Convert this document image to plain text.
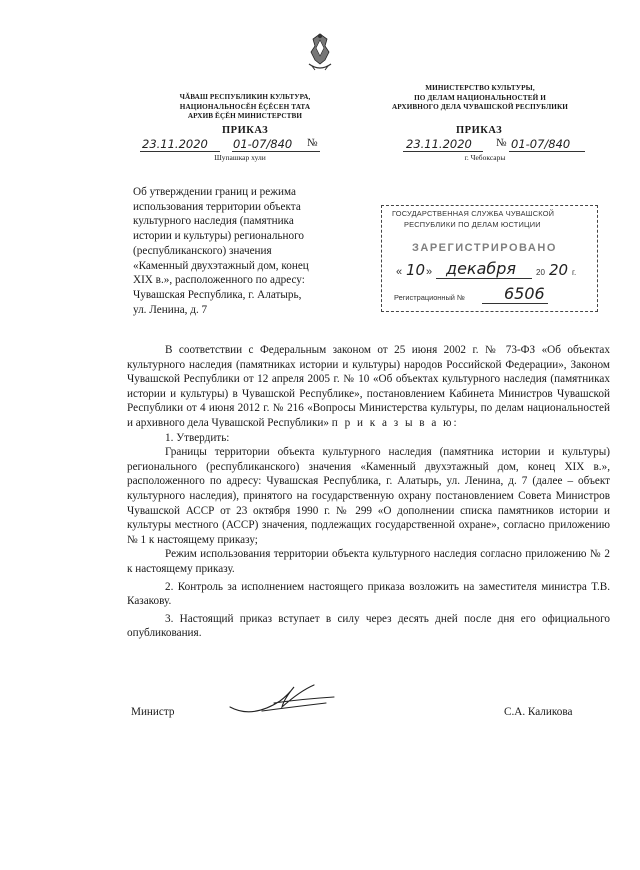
ЧĂВАШ РЕСПУБЛИКИН КУЛЬТУРА,
НАЦИОНАЛЬНОСĔН ĔÇĔСЕН ТАТА
АРХИВ ĔÇĔН МИНИСТЕРСТВИ
ПРИКАЗ
23.11.2020 01-07/840 №
Шупашкар хули
МИНИСТЕРСТВО КУЛЬТУРЫ,
ПО ДЕЛАМ НАЦИОНАЛЬНОСТЕЙ И
АРХИВНОГО ДЕЛА ЧУВАШСКОЙ РЕСПУБЛИКИ
ПРИКАЗ
23.11.2020 № 01-07/840
г. Чебоксары
Об утверждении границ и режима
использования территории объекта
культурного наследия (памятника
истории и культуры) регионального
(республиканского) значения
«Каменный двухэтажный дом, конец
XIX в.», расположенного по адресу:
Чувашская Республика, г. Алатырь,
ул. Ленина, д. 7
ГОСУДАРСТВЕННАЯ СЛУЖБА ЧУВАШСКОЙ
РЕСПУБЛИКИ ПО ДЕЛАМ ЮСТИЦИИ
ЗАРЕГИСТРИРОВАНО
« 10 » декабря 20 20 г.
Регистрационный № 6506

В соответствии с Федеральным законом от 25 июня 2002 г. № 73-ФЗ «Об объектах культурного наследия (памятниках истории и культуры) народов Российской Федерации», Законом Чувашской Республики от 12 апреля 2005 г. № 10 «Об объектах культурного наследия (памятниках истории и культуры) в Чувашской Республике», постановлением Кабинета Министров Чувашской Республики от 4 июня 2012 г. № 216 «Вопросы Министерства культуры, по делам национальностей и архивного дела Чувашской Республики» п р и к а з ы в а ю:

1. Утвердить:

Границы территории объекта культурного наследия (памятника истории и культуры) регионального (республиканского) значения «Каменный двухэтажный дом, конец XIX в.», расположенного по адресу: Чувашская Республика, г. Алатырь, ул. Ленина, д. 7 (далее – объект культурного наследия), принятого на государственную охрану постановлением Совета Министров Чувашской АССР от 23 октября 1990 г. № 299 «О дополнении списка памятников истории и культуры местного (АССР) значения, подлежащих государственной охране», согласно приложению № 1 к настоящему приказу;

Режим использования территории объекта культурного наследия согласно приложению № 2 к настоящему приказу.

2. Контроль за исполнением настоящего приказа возложить на заместителя министра Т.В. Казакову.

3. Настоящий приказ вступает в силу через десять дней после дня его официального опубликования.

Министр	С.А. Каликова
